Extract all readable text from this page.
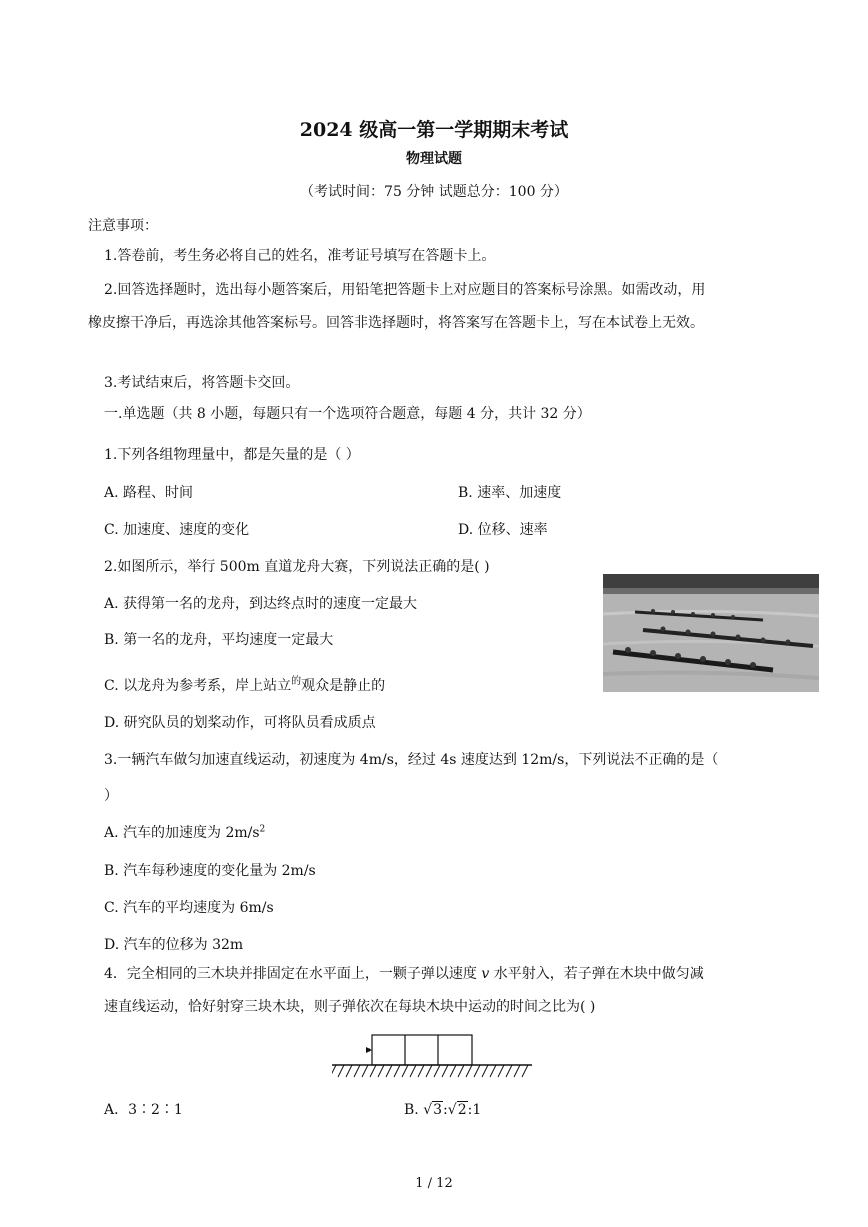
2024 级高一第一学期期末考试
物理试题
（考试时间：75 分钟 试题总分：100 分）
注意事项：
1.答卷前，考生务必将自己的姓名，准考证号填写在答题卡上。
2.回答选择题时，选出每小题答案后，用铅笔把答题卡上对应题目的答案标号涂黑。如需改动，用
橡皮擦干净后，再选涂其他答案标号。回答非选择题时，将答案写在答题卡上，写在本试卷上无效。
3.考试结束后，将答题卡交回。
一.单选题（共 8 小题，每题只有一个选项符合题意，每题 4 分，共计 32 分）
1.下列各组物理量中，都是矢量的是（ ）
A. 路程、时间	B. 速率、加速度
C. 加速度、速度的变化	D. 位移、速率
2.如图所示，举行 500m 直道龙舟大赛，下列说法正确的是( )
A. 获得第一名的龙舟，到达终点时的速度一定最大
B. 第一名的龙舟，平均速度一定最大
C. 以龙舟为参考系，岸上站立$^的$观众是静止的
D. 研究队员的划桨动作，可将队员看成质点
3.一辆汽车做匀加速直线运动，初速度为 4m/s，经过 4s 速度达到 12m/s，下列说法不正确的是（
）
A. 汽车的加速度为 $2m/s^2$
B. 汽车每秒速度的变化量为 2m/s
C. 汽车的平均速度为 6m/s
D. 汽车的位移为 32m
4．完全相同的三木块并排固定在水平面上，一颗子弹以速度 v 水平射入，若子弹在木块中做匀减
速直线运动，恰好射穿三块木块，则子弹依次在每块木块中运动的时间之比为( )
A．3∶2∶1	B. √3:√2:1
1 / 12
